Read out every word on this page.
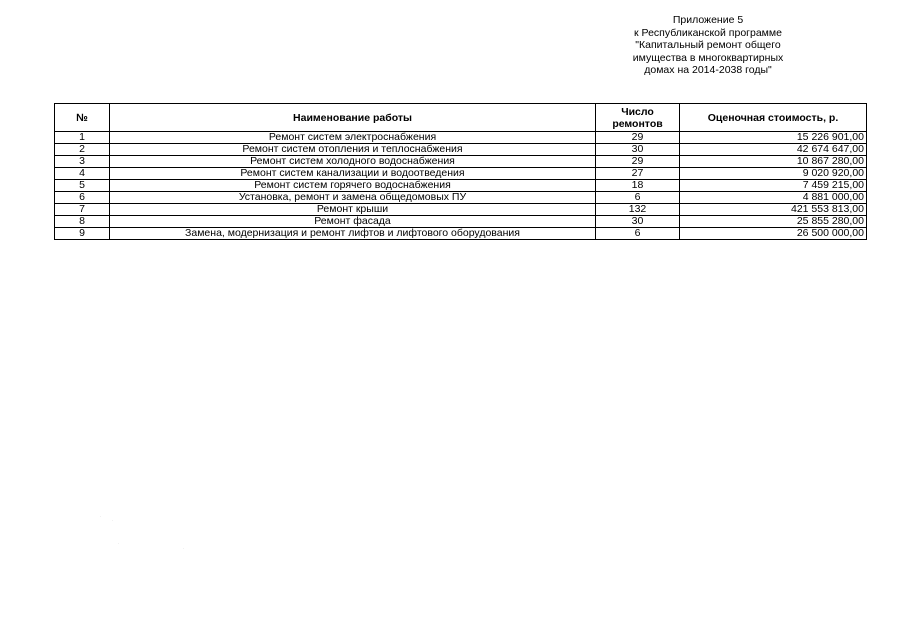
Приложение 5
к Республиканской программе
"Капитальный ремонт общего
имущества в многоквартирных
домах на 2014-2038 годы"
№	Наименование работы	Число ремонтов	Оценочная стоимость, р.
1	Ремонт систем электроснабжения	29	15 226 901,00
2	Ремонт систем отопления и теплоснабжения	30	42 674 647,00
3	Ремонт систем холодного водоснабжения	29	10 867 280,00
4	Ремонт систем канализации и водоотведения	27	9 020 920,00
5	Ремонт систем горячего водоснабжения	18	7 459 215,00
6	Установка, ремонт и замена общедомовых ПУ	6	4 881 000,00
7	Ремонт крыши	132	421 553 813,00
8	Ремонт фасада	30	25 855 280,00
9	Замена, модернизация и ремонт лифтов и лифтового оборудования	6	26 500 000,00
·
·
·
·
